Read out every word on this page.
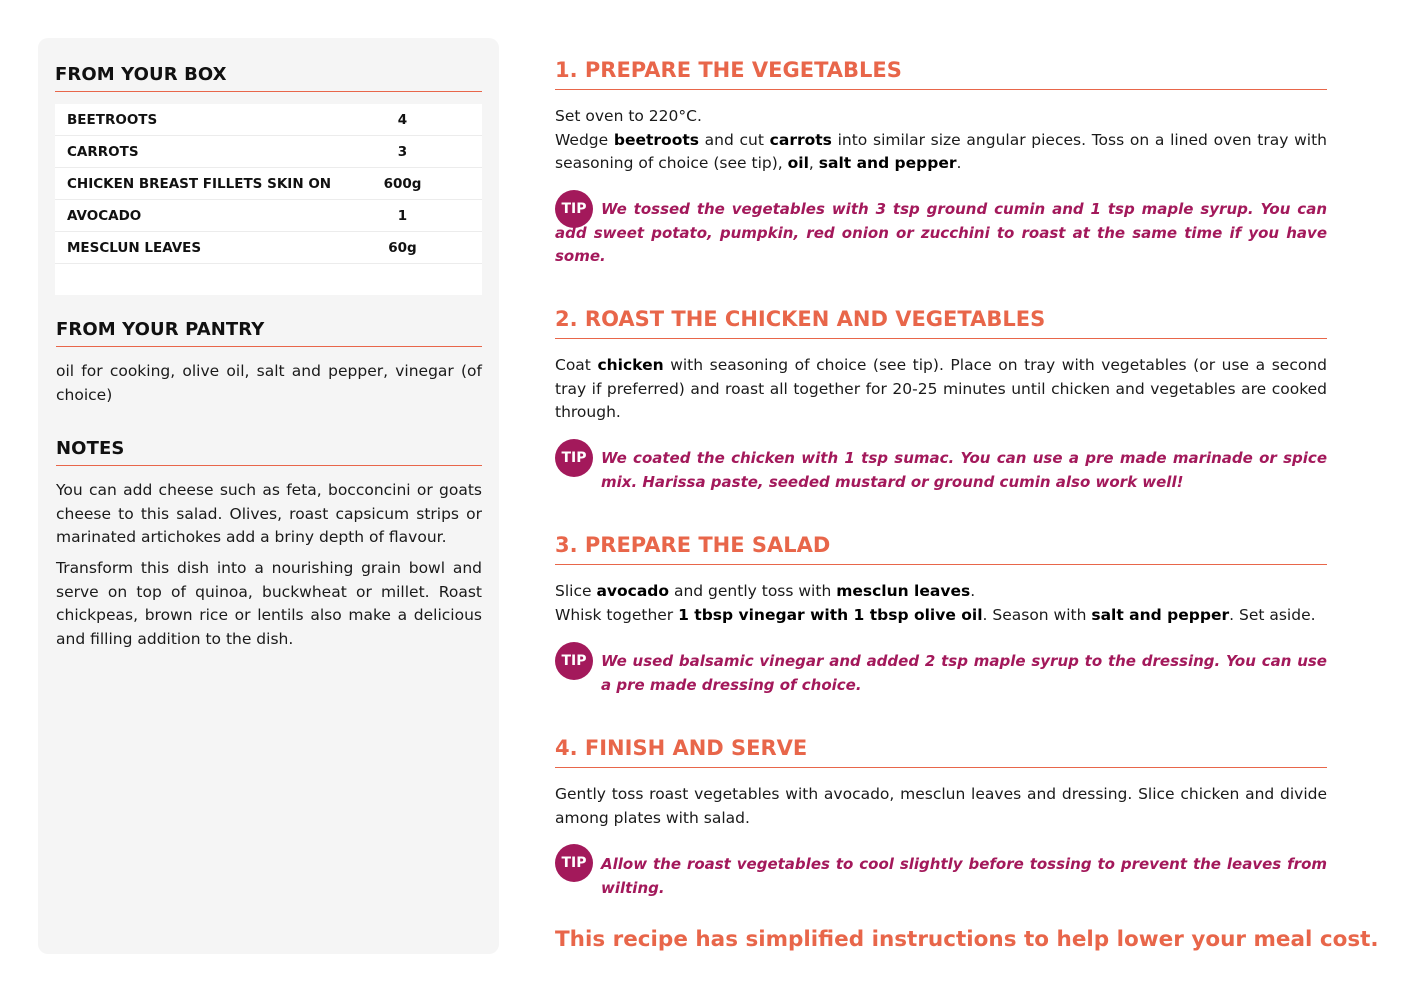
FROM YOUR BOX
BEETROOTS	4
CARROTS	3
CHICKEN BREAST FILLETS SKIN ON	600g
AVOCADO	1
MESCLUN LEAVES	60g
FROM YOUR PANTRY
oil for cooking, olive oil, salt and pepper, vinegar (of choice)
NOTES
You can add cheese such as feta, bocconcini or goats cheese to this salad. Olives, roast capsicum strips or marinated artichokes add a briny depth of flavour.
Transform this dish into a nourishing grain bowl and serve on top of quinoa, buckwheat or millet. Roast chickpeas, brown rice or lentils also make a delicious and filling addition to the dish.
1. PREPARE THE VEGETABLES
Set oven to 220°C.
Wedge beetroots and cut carrots into similar size angular pieces. Toss on a lined oven tray with seasoning of choice (see tip), oil, salt and pepper.
TIP We tossed the vegetables with 3 tsp ground cumin and 1 tsp maple syrup. You can add sweet potato, pumpkin, red onion or zucchini to roast at the same time if you have some.
2. ROAST THE CHICKEN AND VEGETABLES
Coat chicken with seasoning of choice (see tip). Place on tray with vegetables (or use a second tray if preferred) and roast all together for 20-25 minutes until chicken and vegetables are cooked through.
TIP We coated the chicken with 1 tsp sumac. You can use a pre made marinade or spice mix. Harissa paste, seeded mustard or ground cumin also work well!
3. PREPARE THE SALAD
Slice avocado and gently toss with mesclun leaves.
Whisk together 1 tbsp vinegar with 1 tbsp olive oil. Season with salt and pepper. Set aside.
TIP We used balsamic vinegar and added 2 tsp maple syrup to the dressing. You can use a pre made dressing of choice.
4. FINISH AND SERVE
Gently toss roast vegetables with avocado, mesclun leaves and dressing. Slice chicken and divide among plates with salad.
TIP Allow the roast vegetables to cool slightly before tossing to prevent the leaves from wilting.
This recipe has simplified instructions to help lower your meal cost.
